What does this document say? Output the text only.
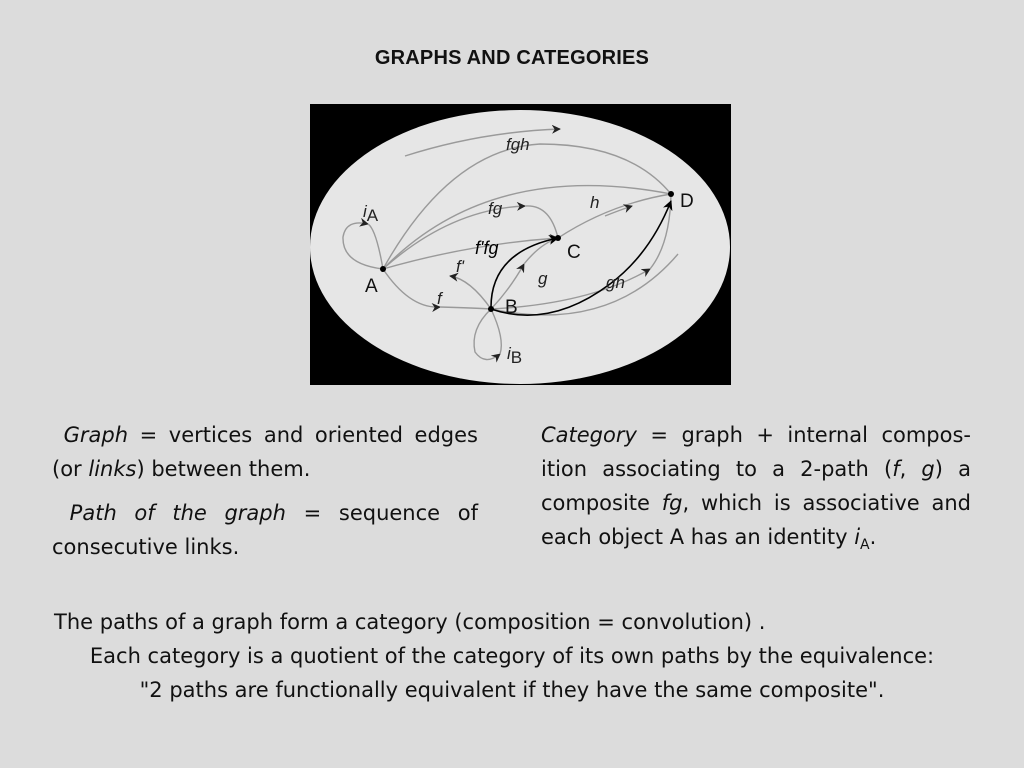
GRAPHS AND CATEGORIES
A
B
C
D
fgh
iA	fg	h
f'
g	gh
f
iB
f'fg

Graph = vertices and oriented edges (or links) between them.

Path of the graph = sequence of consecutive links.

Category = graph + internal compos-ition associating to a 2-path (f, g) a composite fg, which is associative and each object A has an identity $i_A$.

The paths of a graph form a category (composition = convolution) .
Each category is a quotient of the category of its own paths by the equivalence:
"2 paths are functionally equivalent if they have the same composite".
